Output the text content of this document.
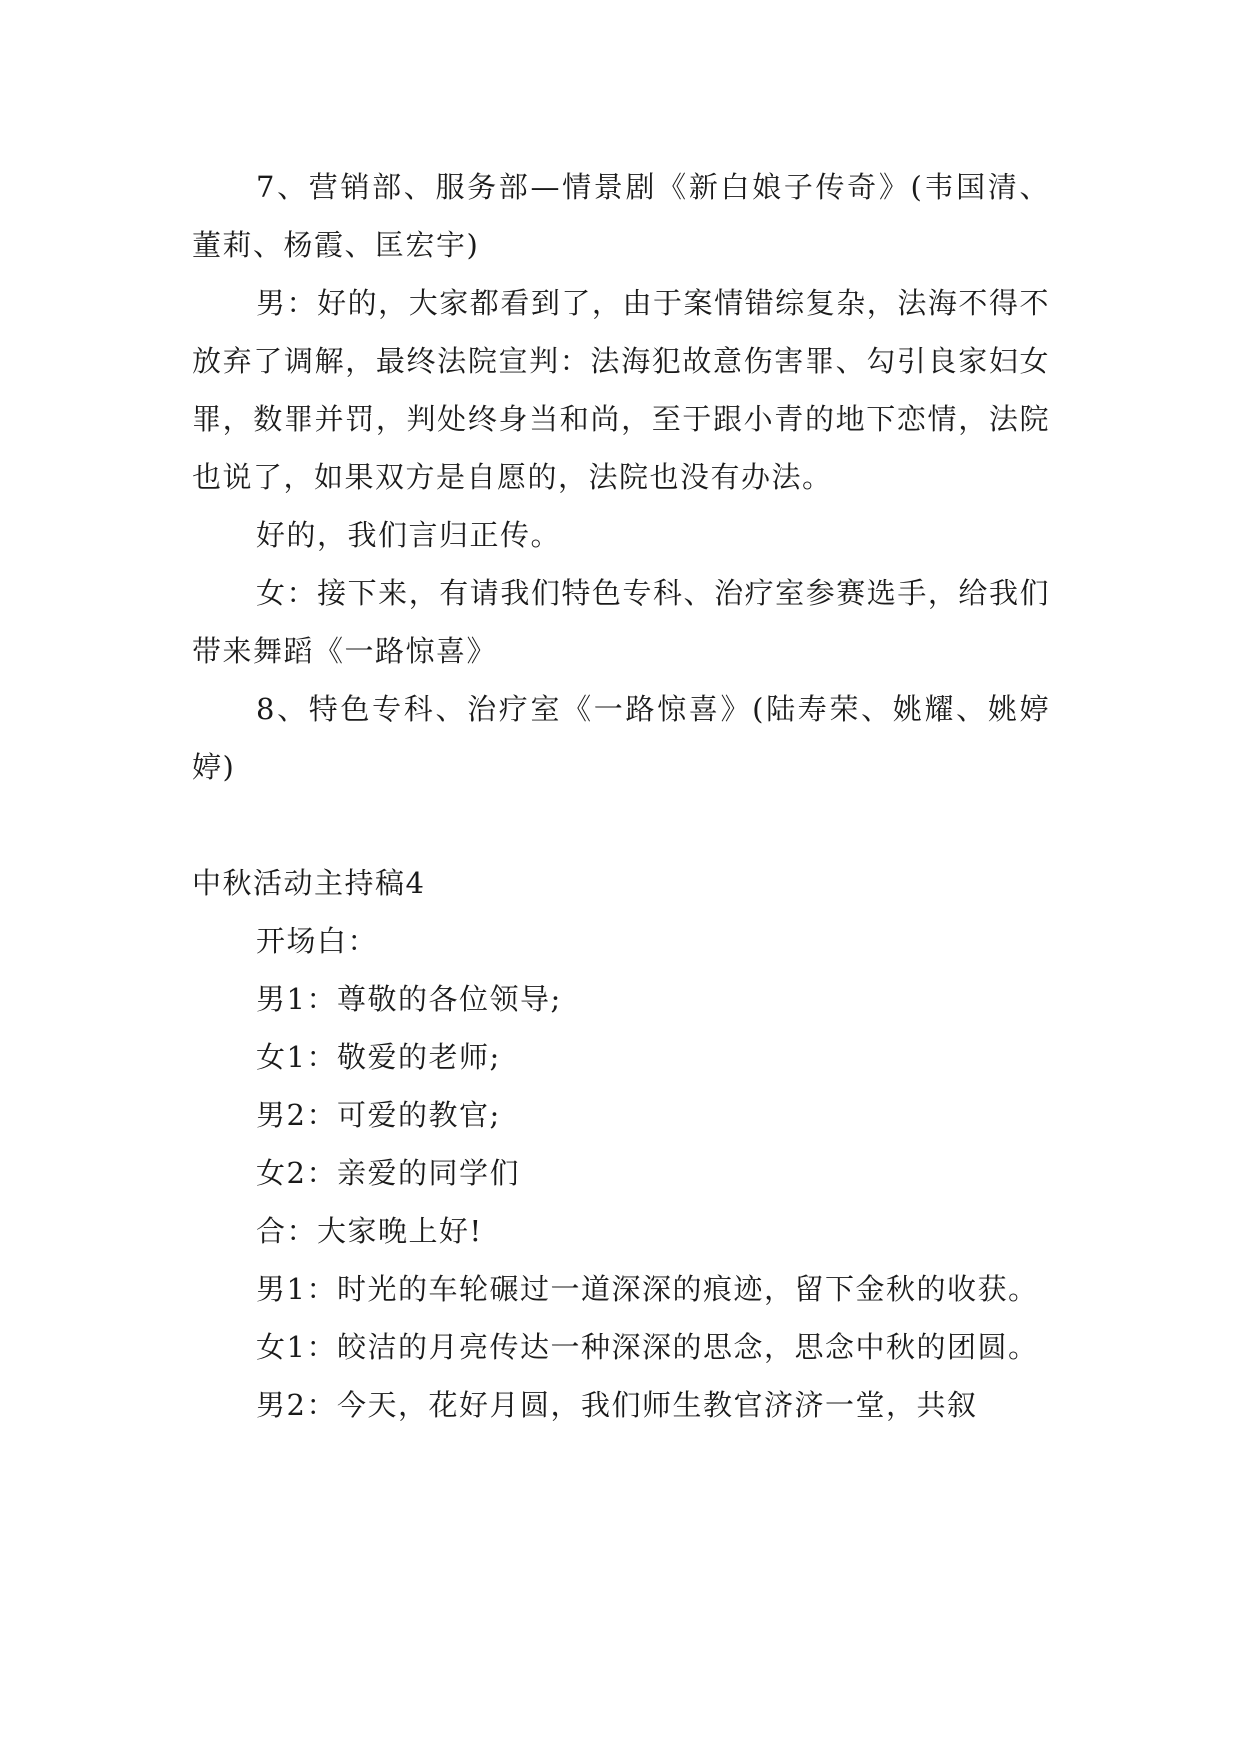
7、营销部、服务部—情景剧《新白娘子传奇》(韦国清、董莉、杨霞、匡宏宇)

男：好的，大家都看到了，由于案情错综复杂，法海不得不放弃了调解，最终法院宣判：法海犯故意伤害罪、勾引良家妇女罪，数罪并罚，判处终身当和尚，至于跟小青的地下恋情，法院也说了，如果双方是自愿的，法院也没有办法。

好的，我们言归正传。

女：接下来，有请我们特色专科、治疗室参赛选手，给我们带来舞蹈《一路惊喜》

8、特色专科、治疗室《一路惊喜》(陆寿荣、姚耀、姚婷婷)

中秋活动主持稿4

开场白：

男1：尊敬的各位领导;

女1：敬爱的老师;

男2：可爱的教官;

女2：亲爱的同学们

合：大家晚上好!

男1：时光的车轮碾过一道深深的痕迹，留下金秋的收获。

女1：皎洁的月亮传达一种深深的思念，思念中秋的团圆。

男2：今天，花好月圆，我们师生教官济济一堂，共叙
